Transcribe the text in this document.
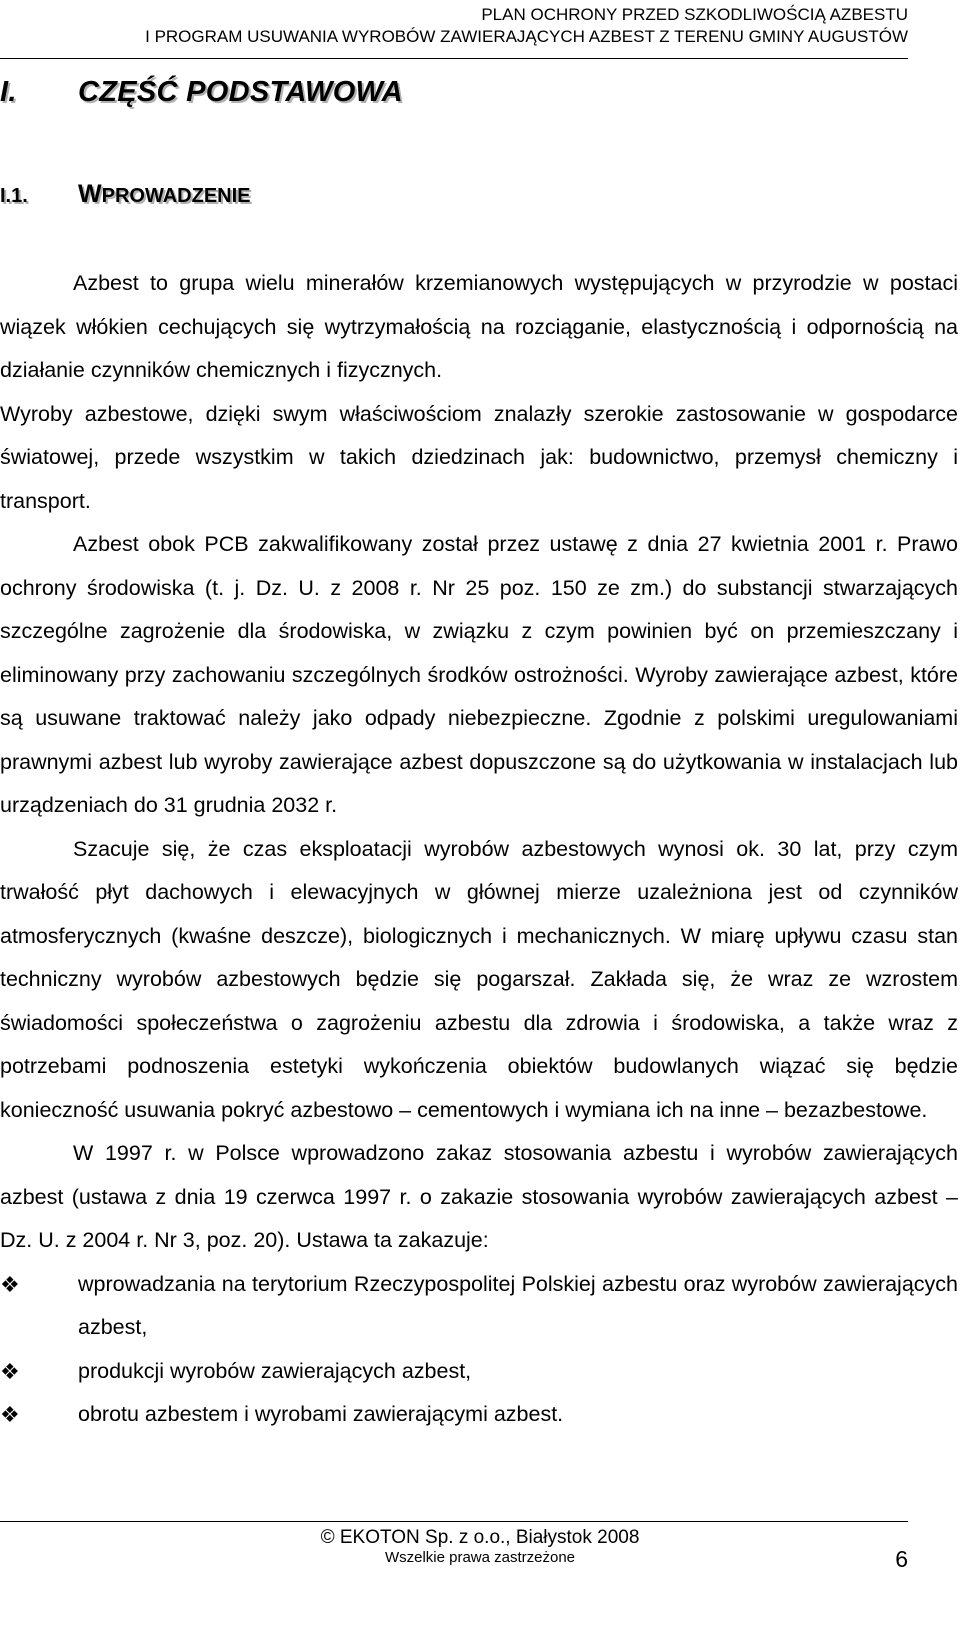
PLAN OCHRONY PRZED SZKODLIWOŚCIĄ AZBESTU
I PROGRAM USUWANIA WYROBÓW ZAWIERAJĄCYCH AZBEST Z TERENU GMINY AUGUSTÓW
I. CZĘŚĆ PODSTAWOWA
I.1. WPROWADZENIE

Azbest to grupa wielu minerałów krzemianowych występujących w przyrodzie w postaci wiązek włókien cechujących się wytrzymałością na rozciąganie, elastycznością i odpornością na działanie czynników chemicznych i fizycznych.

Wyroby azbestowe, dzięki swym właściwościom znalazły szerokie zastosowanie w gospodarce światowej, przede wszystkim w takich dziedzinach jak: budownictwo, przemysł chemiczny i transport.

Azbest obok PCB zakwalifikowany został przez ustawę z dnia 27 kwietnia 2001 r. Prawo ochrony środowiska (t. j. Dz. U. z 2008 r. Nr 25 poz. 150 ze zm.) do substancji stwarzających szczególne zagrożenie dla środowiska, w związku z czym powinien być on przemieszczany i eliminowany przy zachowaniu szczególnych środków ostrożności. Wyroby zawierające azbest, które są usuwane traktować należy jako odpady niebezpieczne. Zgodnie z polskimi uregulowaniami prawnymi azbest lub wyroby zawierające azbest dopuszczone są do użytkowania w instalacjach lub urządzeniach do 31 grudnia 2032 r.

Szacuje się, że czas eksploatacji wyrobów azbestowych wynosi ok. 30 lat, przy czym trwałość płyt dachowych i elewacyjnych w głównej mierze uzależniona jest od czynników atmosferycznych (kwaśne deszcze), biologicznych i mechanicznych. W miarę upływu czasu stan techniczny wyrobów azbestowych będzie się pogarszał. Zakłada się, że wraz ze wzrostem świadomości społeczeństwa o zagrożeniu azbestu dla zdrowia i środowiska, a także wraz z potrzebami podnoszenia estetyki wykończenia obiektów budowlanych wiązać się będzie konieczność usuwania pokryć azbestowo – cementowych i wymiana ich na inne – bezazbestowe.

W 1997 r. w Polsce wprowadzono zakaz stosowania azbestu i wyrobów zawierających azbest (ustawa z dnia 19 czerwca 1997 r. o zakazie stosowania wyrobów zawierających azbest – Dz. U. z 2004 r. Nr 3, poz. 20). Ustawa ta zakazuje:

❖	wprowadzania na terytorium Rzeczypospolitej Polskiej azbestu oraz wyrobów zawierających azbest,
❖	produkcji wyrobów zawierających azbest,
❖	obrotu azbestem i wyrobami zawierającymi azbest.
© EKOTON Sp. z o.o., Białystok 2008
Wszelkie prawa zastrzeżone	6
